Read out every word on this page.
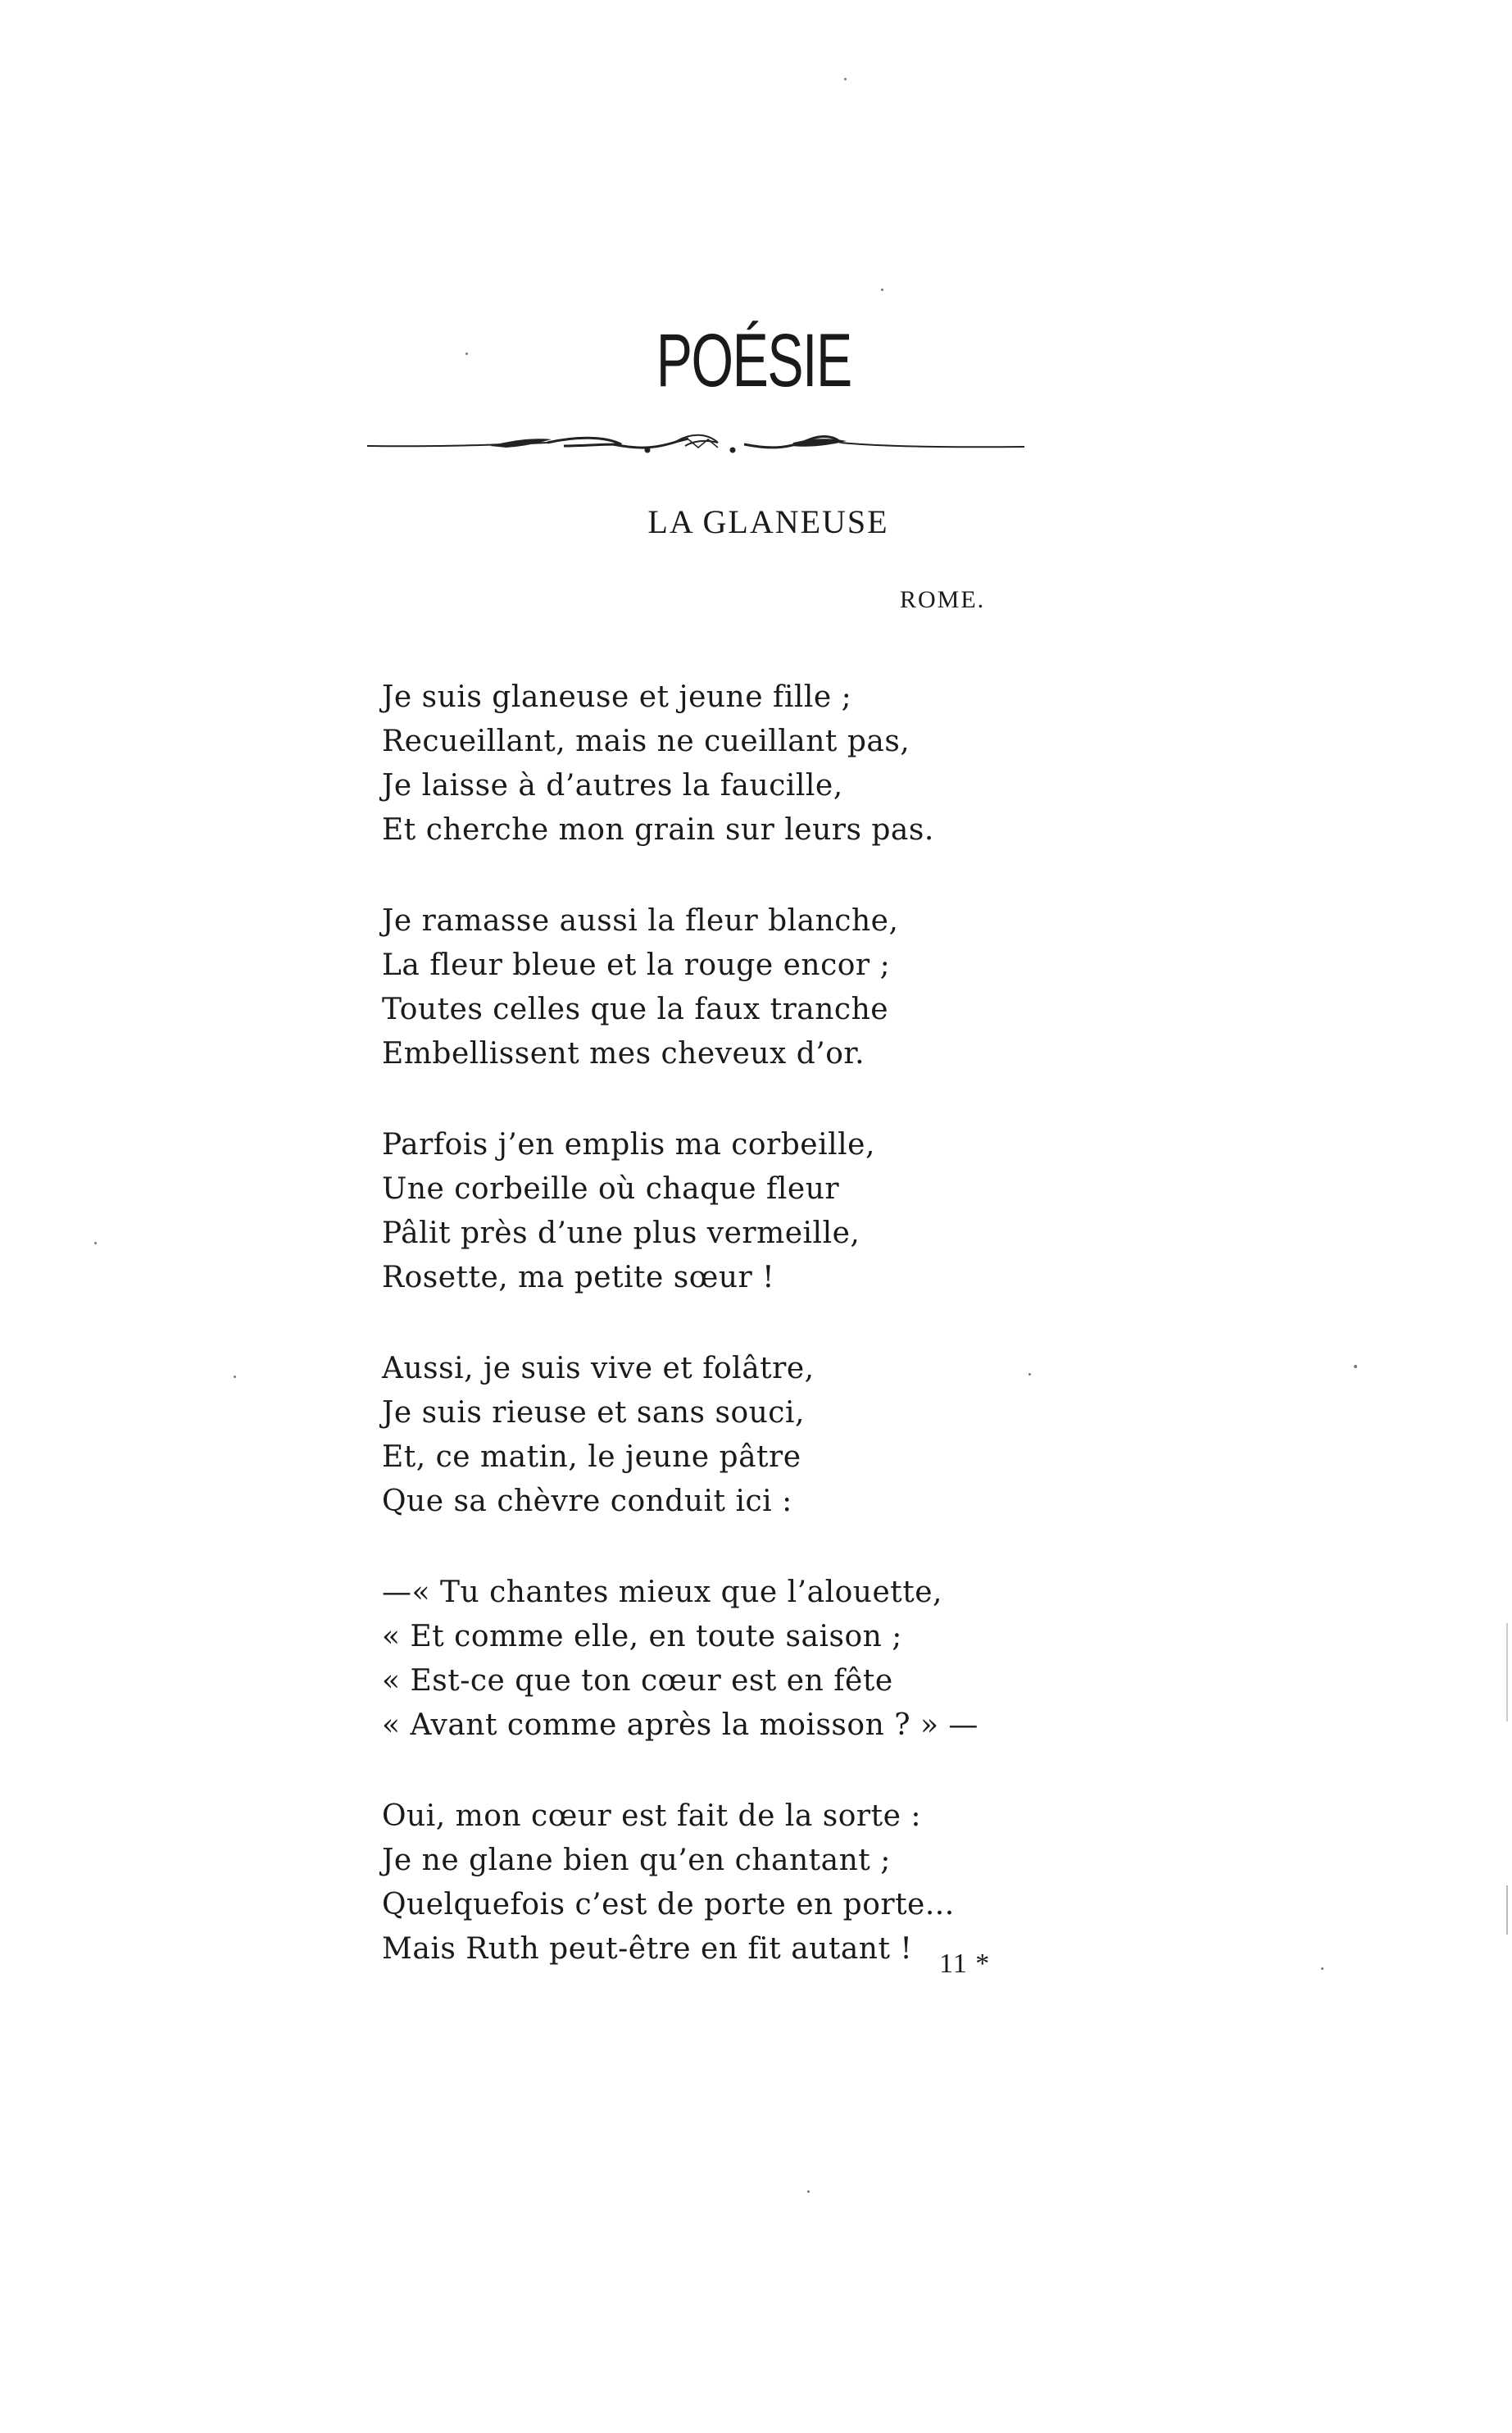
POÉSIE
LA GLANEUSE
ROME.
Je suis glaneuse et jeune fille ;
Recueillant, mais ne cueillant pas,
Je laisse à d’autres la faucille,
Et cherche mon grain sur leurs pas.
Je ramasse aussi la fleur blanche,
La fleur bleue et la rouge encor ;
Toutes celles que la faux tranche
Embellissent mes cheveux d’or.
Parfois j’en emplis ma corbeille,
Une corbeille où chaque fleur
Pâlit près d’une plus vermeille,
Rosette, ma petite sœur !
Aussi, je suis vive et folâtre,
Je suis rieuse et sans souci,
Et, ce matin, le jeune pâtre
Que sa chèvre conduit ici :
—« Tu chantes mieux que l’alouette,
« Et comme elle, en toute saison ;
« Est-ce que ton cœur est en fête
« Avant comme après la moisson ? » —
Oui, mon cœur est fait de la sorte :
Je ne glane bien qu’en chantant ;
Quelquefois c’est de porte en porte...
Mais Ruth peut-être en fit autant ! 11 *
